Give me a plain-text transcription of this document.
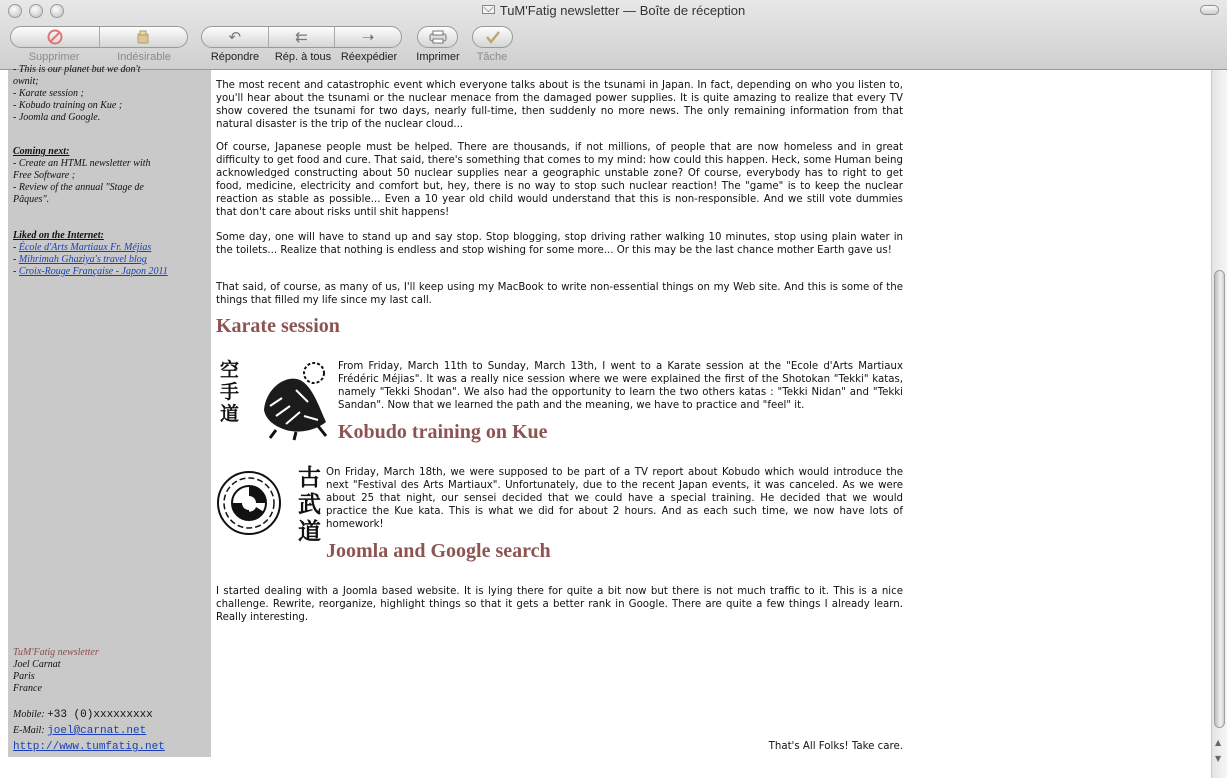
TuM'Fatig newsletter — Boîte de réception
Supprimer	Indésirable
↶	⇇	➝
Répondre	Rép. à tous Réexpédier	Imprimer	Tâche
- This is our planet but we don't
ownit;
- Karate session ;
- Kobudo training on Kue ;
- Joomla and Google.
Coming next:
- Create an HTML newsletter with
Free Software ;
- Review of the annual "Stage de
Pâques".
Liked on the Internet:
- École d'Arts Martiaux Fr. Méjias
- Mihrimah Ghaziya's travel blog
- Croix-Rouge Française - Japon 2011
TuM'Fatig newsletter
Joel Carnat
Paris
France
Mobile: +33 (0)xxxxxxxxx
E-Mail: joel@carnat.net
http://www.tumfatig.net

The most recent and catastrophic event which everyone talks about is the tsunami in Japan. In fact, depending on who you listen to, you'll hear about the tsunami or the nuclear menace from the damaged power supplies. It is quite amazing to realize that every TV show covered the tsunami for two days, nearly full-time, then suddenly no more news. The only remaining information from that natural disaster is the trip of the nuclear cloud...

Of course, Japanese people must be helped. There are thousands, if not millions, of people that are now homeless and in great difficulty to get food and cure. That said, there's something that comes to my mind: how could this happen. Heck, some Human being acknowledged constructing about 50 nuclear supplies near a geographic unstable zone? Of course, everybody has to right to get food, medicine, electricity and comfort but, hey, there is no way to stop such nuclear reaction! The "game" is to keep the nuclear reaction as stable as possible... Even a 10 year old child would understand that this is non-responsible. And we still vote dummies that don't care about risks until shit happens!

Some day, one will have to stand up and say stop. Stop blogging, stop driving rather walking 10 minutes, stop using plain water in the toilets... Realize that nothing is endless and stop wishing for some more... Or this may be the last chance mother Earth gave us!

That said, of course, as many of us, I'll keep using my MacBook to write non-essential things on my Web site. And this is some of the things that filled my life since my last call.

Karate session
空
手
道

From Friday, March 11th to Sunday, March 13th, I went to a Karate session at the "Ecole d'Arts Martiaux Frédéric Méjias". It was a really nice session where we were explained the first of the Shotokan "Tekki" katas, namely "Tekki Shodan". We also had the opportunity to learn the two others katas : "Tekki Nidan" and "Tekki Sandan". Now that we learned the path and the meaning, we have to practice and "feel" it.

Kobudo training on Kue
古
武
道

On Friday, March 18th, we were supposed to be part of a TV report about Kobudo which would introduce the next "Festival des Arts Martiaux". Unfortunately, due to the recent Japan events, it was canceled. As we were about 25 that night, our sensei decided that we could have a special training. He decided that we would practice the Kue kata. This is what we did for about 2 hours. And as each such time, we now have lots of homework!

Joomla and Google search

I started dealing with a Joomla based website. It is lying there for quite a bit now but there is not much traffic to it. This is a nice challenge. Rewrite, reorganize, highlight things so that it gets a better rank in Google. There are quite a few things I already learn. Really interesting.

That's All Folks! Take care.	▲
▼
